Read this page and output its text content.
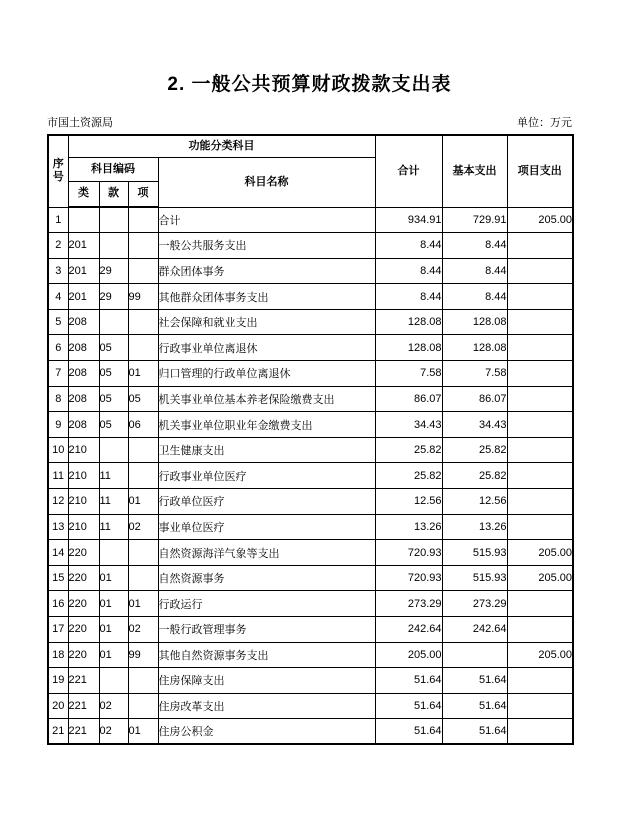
2. 一般公共预算财政拨款支出表
市国土资源局	单位：万元
序号	功能分类科目				合计	基本支出	项目支出
	科目编码			科目名称			
	类	款	项				
1				合计	934.91	729.91	205.00
2	201			一般公共服务支出	8.44	8.44	
3	201	29		群众团体事务	8.44	8.44	
4	201	29	99	其他群众团体事务支出	8.44	8.44	
5	208			社会保障和就业支出	128.08	128.08	
6	208	05		行政事业单位离退休	128.08	128.08	
7	208	05	01	归口管理的行政单位离退休	7.58	7.58	
8	208	05	05	机关事业单位基本养老保险缴费支出	86.07	86.07	
9	208	05	06	机关事业单位职业年金缴费支出	34.43	34.43	
10	210			卫生健康支出	25.82	25.82	
11	210	11		行政事业单位医疗	25.82	25.82	
12	210	11	01	行政单位医疗	12.56	12.56	
13	210	11	02	事业单位医疗	13.26	13.26	
14	220			自然资源海洋气象等支出	720.93	515.93	205.00
15	220	01		自然资源事务	720.93	515.93	205.00
16	220	01	01	行政运行	273.29	273.29	
17	220	01	02	一般行政管理事务	242.64	242.64	
18	220	01	99	其他自然资源事务支出	205.00		205.00
19	221			住房保障支出	51.64	51.64	
20	221	02		住房改革支出	51.64	51.64	
21	221	02	01	住房公积金	51.64	51.64	
